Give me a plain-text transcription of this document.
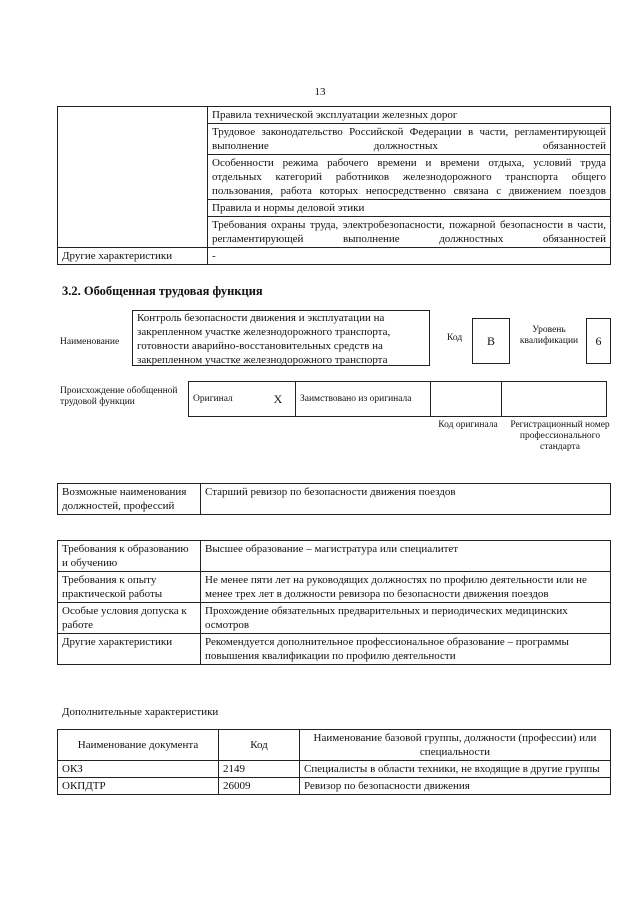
13
	Правила технической эксплуатации железных дорог
	Трудовое законодательство Российской Федерации в части, регламентирующей выполнение должностных обязанностей
	Особенности режима рабочего времени и времени отдыха, условий труда отдельных категорий работников железнодорожного транспорта общего пользования, работа которых непосредственно связана с движением поездов
	Правила и нормы деловой этики
	Требования охраны труда, электробезопасности, пожарной безопасности в части, регламентирующей выполнение должностных обязанностей
Другие характеристики	-
3.2. Обобщенная трудовая функция
Наименование
Контроль безопасности движения и эксплуатации на закрепленном участке железнодорожного транспорта, готовности аварийно-восстановительных средств на закрепленном участке железнодорожного транспорта
Код	B
Уровень квалификации	6
Происхождение обобщенной трудовой функции	Оригинал	X	Заимствовано из оригинала		
Код оригинала	Регистрационный номер профессионального стандарта
Возможные наименования должностей, профессий	Старший ревизор по безопасности движения поездов
Требования к образованию и обучению	Высшее образование – магистратура или специалитет
Требования к опыту практической работы	Не менее пяти лет на руководящих должностях по профилю деятельности или не менее трех лет в должности ревизора по безопасности движения поездов
Особые условия допуска к работе	Прохождение обязательных предварительных и периодических медицинских осмотров
Другие характеристики	Рекомендуется дополнительное профессиональное образование – программы повышения квалификации по профилю деятельности
Дополнительные характеристики
Наименование документа	Код	Наименование базовой группы, должности (профессии) или специальности
ОКЗ	2149	Специалисты в области техники, не входящие в другие группы
ОКПДТР	26009	Ревизор по безопасности движения
